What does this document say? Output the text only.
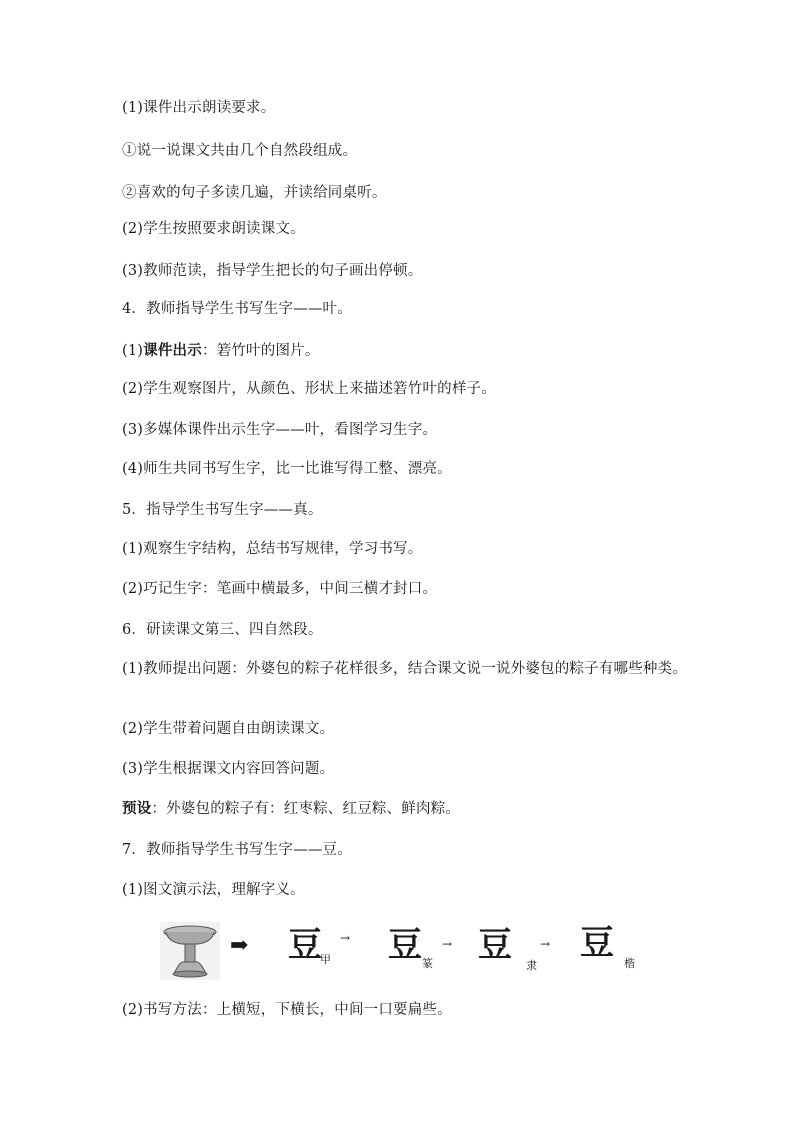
(1)课件出示朗读要求。
①说一说课文共由几个自然段组成。
②喜欢的句子多读几遍，并读给同桌听。
(2)学生按照要求朗读课文。
(3)教师范读，指导学生把长的句子画出停顿。
4．教师指导学生书写生字——叶。
(1)课件出示：箬竹叶的图片。
(2)学生观察图片，从颜色、形状上来描述箬竹叶的样子。
(3)多媒体课件出示生字——叶，看图学习生字。
(4)师生共同书写生字，比一比谁写得工整、漂亮。
5．指导学生书写生字——真。
(1)观察生字结构，总结书写规律，学习书写。
(2)巧记生字：笔画中横最多，中间三横才封口。
6．研读课文第三、四自然段。
(1)教师提出问题：外婆包的粽子花样很多，结合课文说一说外婆包的粽子有哪些种类。
(2)学生带着问题自由朗读课文。
(3)学生根据课文内容回答问题。
预设：外婆包的粽子有：红枣粽、红豆粽、鲜肉粽。
7．教师指导学生书写生字——豆。
(1)图文演示法，理解字义。
➡ 豆
甲
→ 豆 篆
→ 豆
隶
→ 豆
楷
(2)书写方法：上横短，下横长，中间一口要扁些。
